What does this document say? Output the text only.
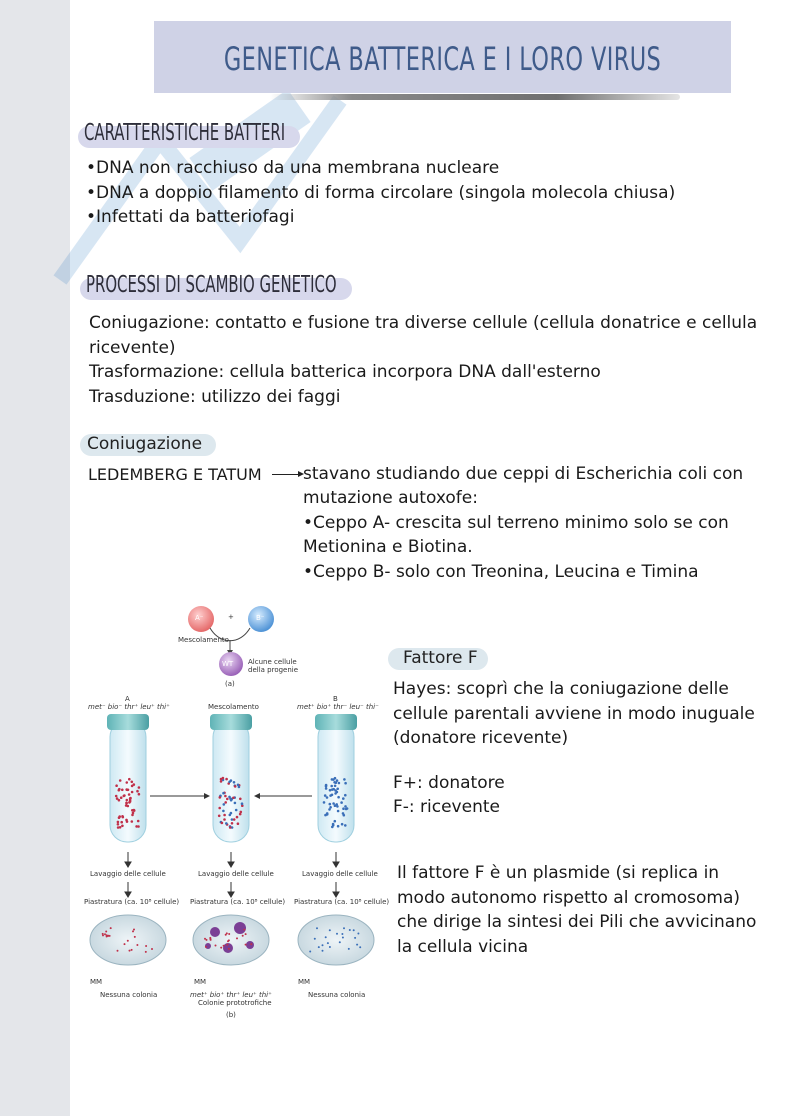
GENETICA BATTERICA E I LORO VIRUS
CARATTERISTICHE BATTERI
•DNA non racchiuso da una membrana nucleare
•DNA a doppio filamento di forma circolare (singola molecola chiusa)
•Infettati da batteriofagi
PROCESSI DI SCAMBIO GENETICO
Coniugazione: contatto e fusione tra diverse cellule (cellula donatrice e cellula
ricevente)
Trasformazione: cellula batterica incorpora DNA dall'esterno
Trasduzione: utilizzo dei faggi
Coniugazione
LEDEMBERG E TATUM stavano studiando due ceppi di Escherichia coli con
mutazione autoxofe:
•Ceppo A- crescita sul terreno minimo solo se con
Metionina e Biotina.
•Ceppo B- solo con Treonina, Leucina e Timina
Fattore F
Hayes: scoprì che la coniugazione delle
cellule parentali avviene in modo inuguale
(donatore ricevente)
F+: donatore
F-: ricevente
Il fattore F è un plasmide (si replica in
modo autonomo rispetto al cromosoma)
che dirige la sintesi dei Pili che avvicinano
la cellula vicina
A⁻	B⁻
+
WT
Mescolamento
Alcune cellule
della progenie
(a)
A
met⁻ bio⁻ thr⁺ leu⁺ thi⁺	Mescolamento
B
met⁺ bio⁺ thr⁻ leu⁻ thi⁻
Lavaggio delle cellule	Lavaggio delle cellule	Lavaggio delle cellule
Piastratura (ca. 10⁸ cellule) Piastratura (ca. 10⁸ cellule) Piastratura (ca. 10⁸ cellule)
MM	MM	MM
Nessuna colonia	Nessuna colonia
met⁺ bio⁺ thr⁺ leu⁺ thi⁺
Colonie prototrofiche
(b)
